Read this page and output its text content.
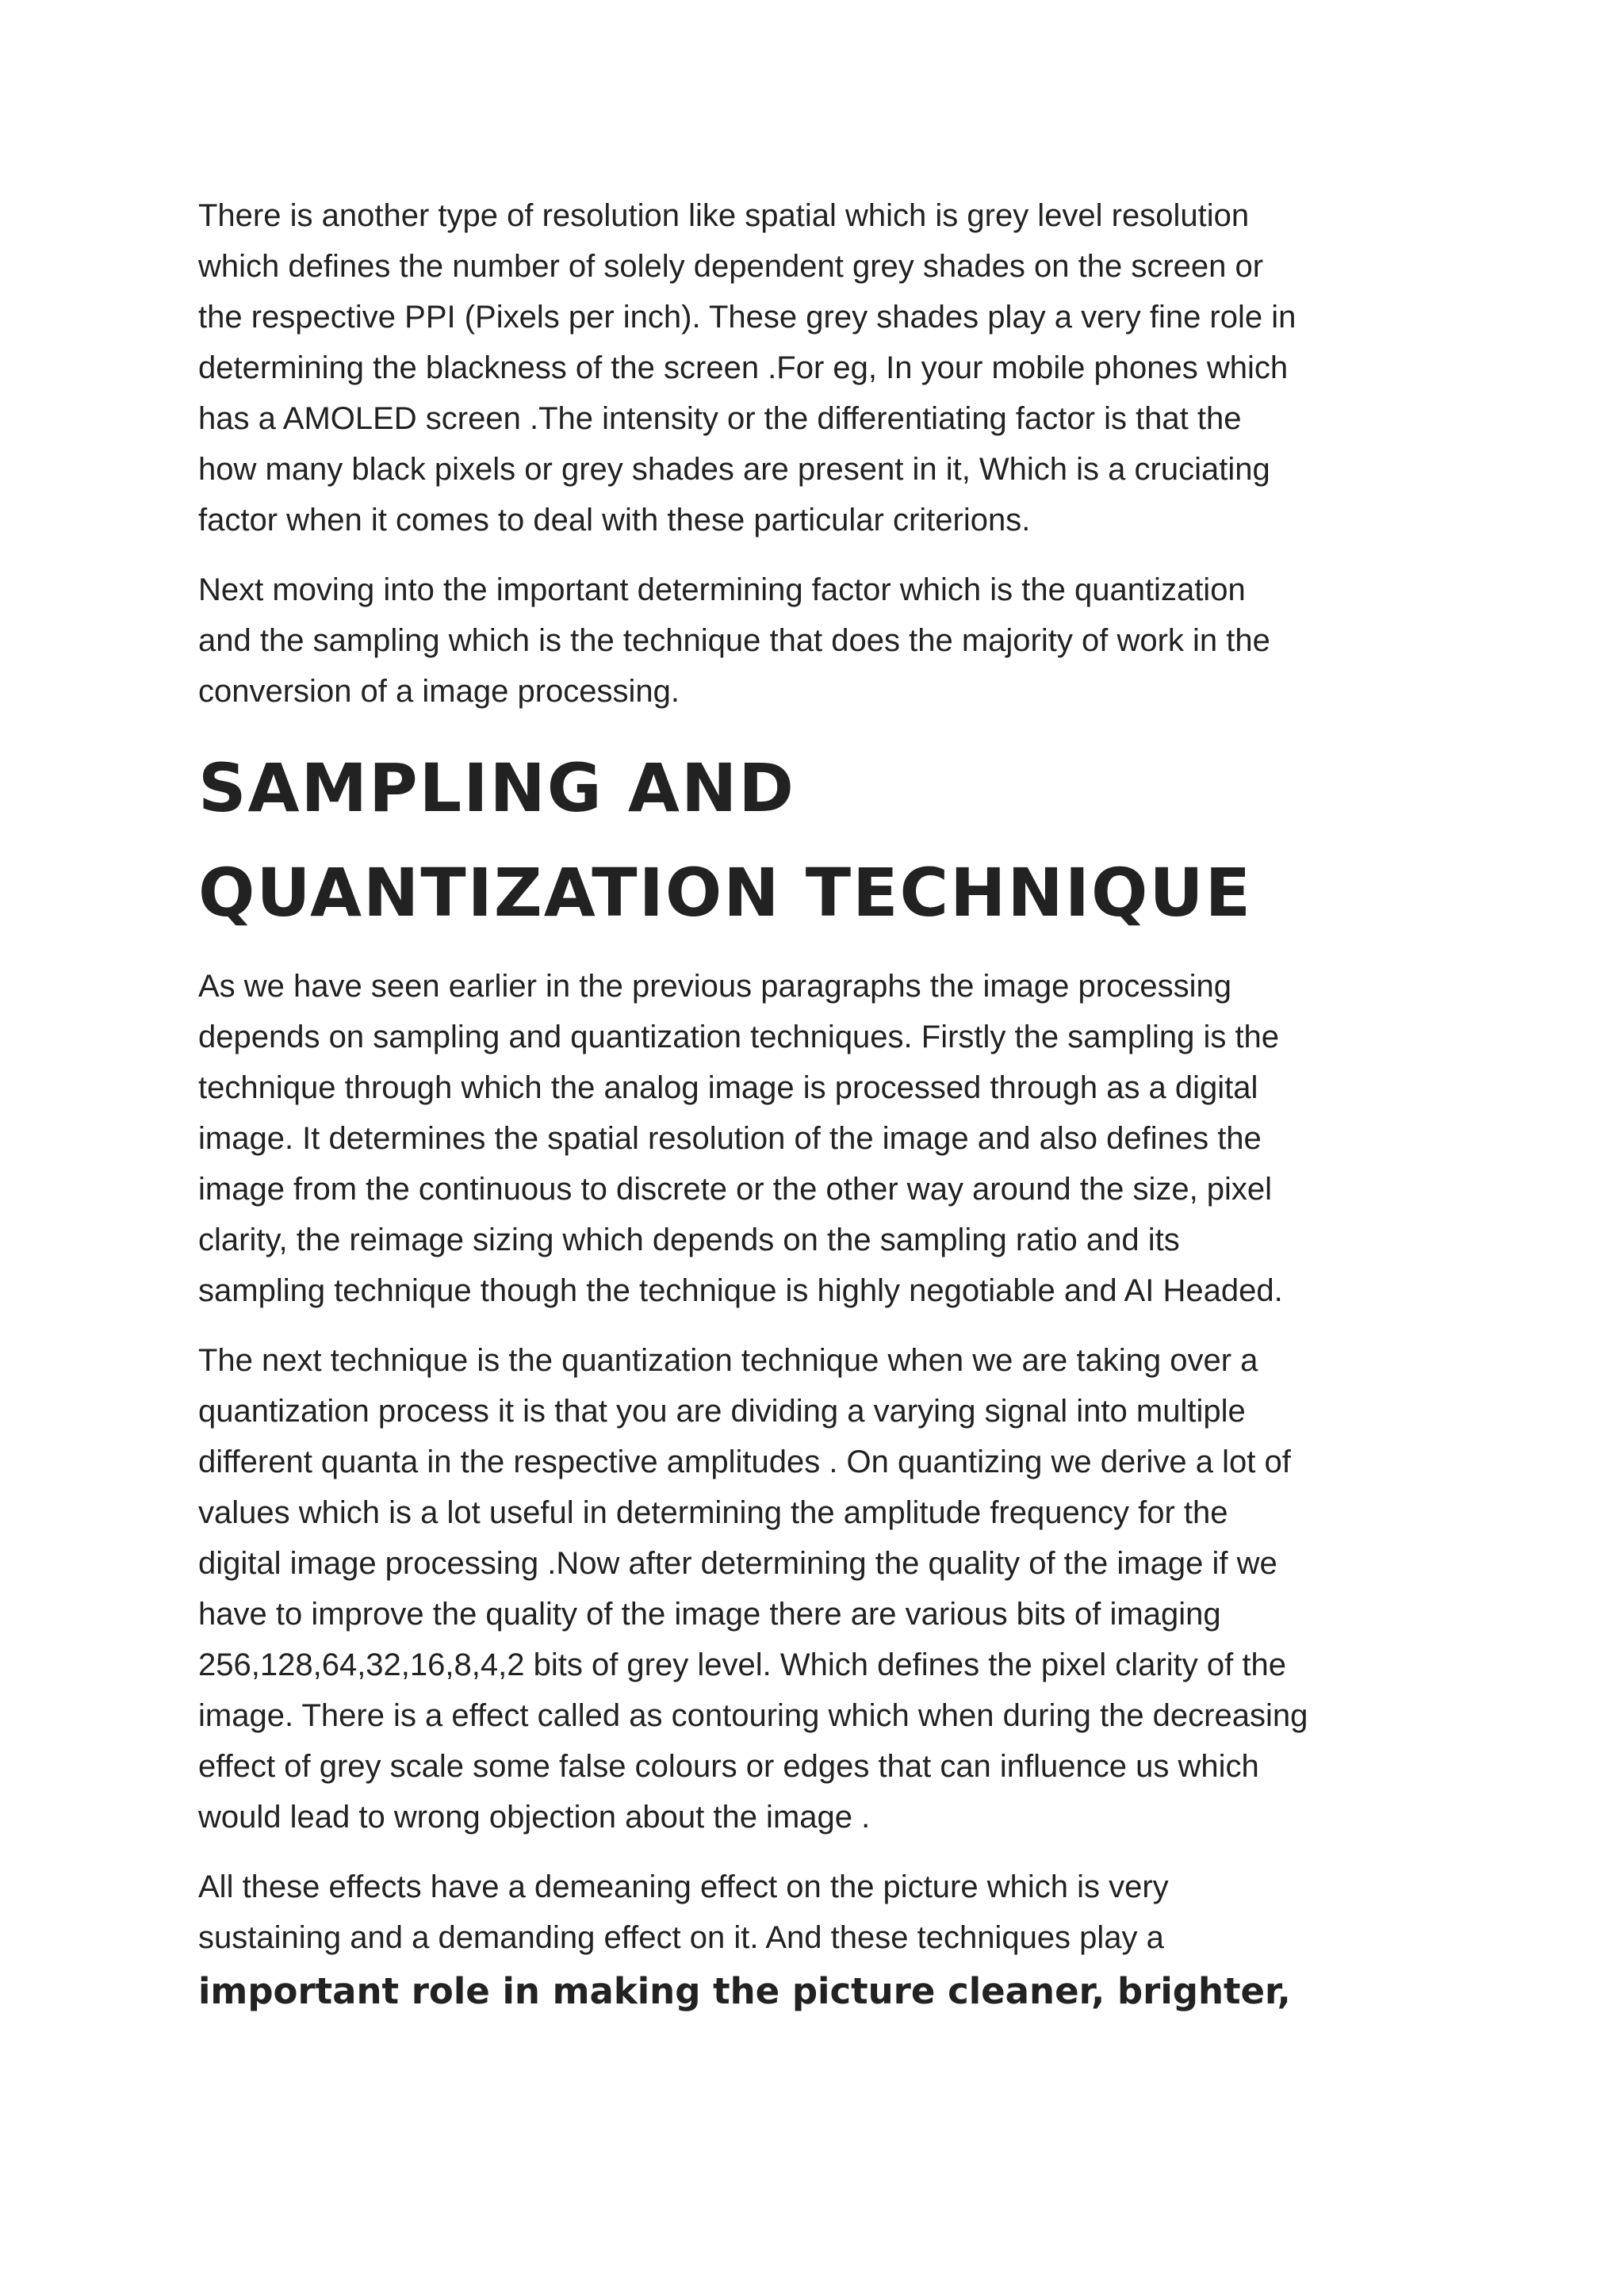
There is another type of resolution like spatial which is grey level resolution
which defines the number of solely dependent grey shades on the screen or
the respective PPI (Pixels per inch). These grey shades play a very fine role in
determining the blackness of the screen .For eg, In your mobile phones which
has a AMOLED screen .The intensity or the differentiating factor is that the
how many black pixels or grey shades are present in it, Which is a cruciating
factor when it comes to deal with these particular criterions.

Next moving into the important determining factor which is the quantization
and the sampling which is the technique that does the majority of work in the
conversion of a image processing.

SAMPLING AND
QUANTIZATION TECHNIQUE

As we have seen earlier in the previous paragraphs the image processing
depends on sampling and quantization techniques. Firstly the sampling is the
technique through which the analog image is processed through as a digital
image. It determines the spatial resolution of the image and also defines the
image from the continuous to discrete or the other way around the size, pixel
clarity, the reimage sizing which depends on the sampling ratio and its
sampling technique though the technique is highly negotiable and AI Headed.

The next technique is the quantization technique when we are taking over a
quantization process it is that you are dividing a varying signal into multiple
different quanta in the respective amplitudes . On quantizing we derive a lot of
values which is a lot useful in determining the amplitude frequency for the
digital image processing .Now after determining the quality of the image if we
have to improve the quality of the image there are various bits of imaging
256,128,64,32,16,8,4,2 bits of grey level. Which defines the pixel clarity of the
image. There is a effect called as contouring which when during the decreasing
effect of grey scale some false colours or edges that can influence us which
would lead to wrong objection about the image .

All these effects have a demeaning effect on the picture which is very
sustaining and a demanding effect on it. And these techniques play a
important role in making the picture cleaner, brighter,
